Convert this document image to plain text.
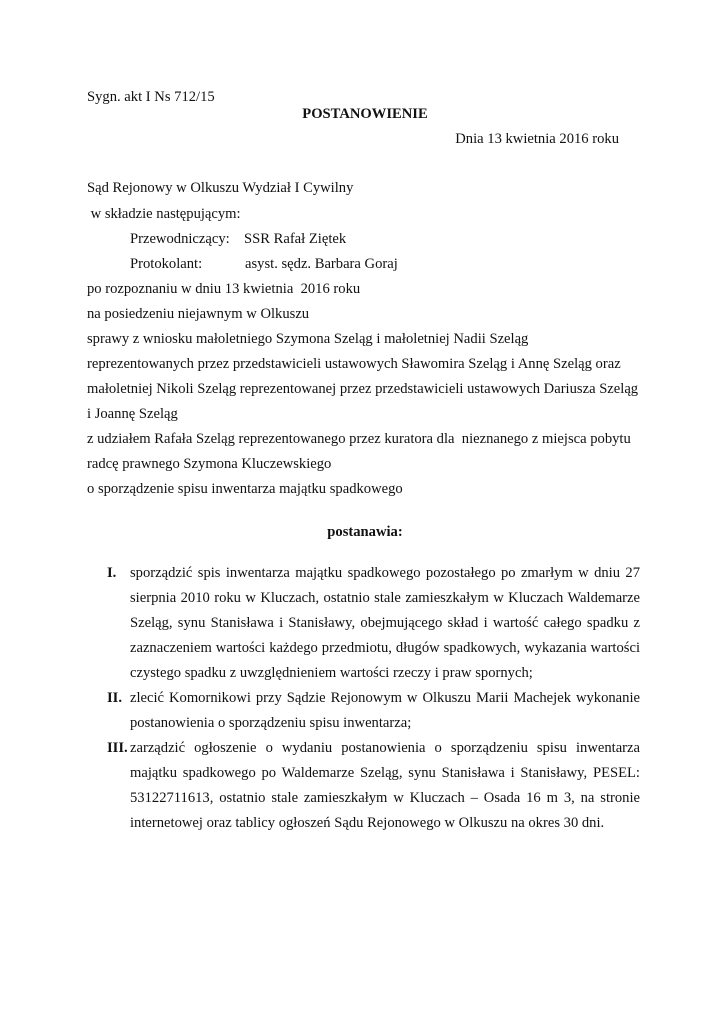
Sygn. akt I Ns 712/15
POSTANOWIENIE
Dnia 13 kwietnia 2016 roku
Sąd Rejonowy w Olkuszu Wydział I Cywilny
w składzie następującym:
Przewodniczący: SSR Rafał Ziętek
Protokolant:	asyst. sędz. Barbara Goraj
po rozpoznaniu w dniu 13 kwietnia  2016 roku
na posiedzeniu niejawnym w Olkuszu
sprawy z wniosku małoletniego Szymona Szeląg i małoletniej Nadii Szeląg
reprezentowanych przez przedstawicieli ustawowych Sławomira Szeląg i Annę Szeląg oraz
małoletniej Nikoli Szeląg reprezentowanej przez przedstawicieli ustawowych Dariusza Szeląg
i Joannę Szeląg
z udziałem Rafała Szeląg reprezentowanego przez kuratora dla  nieznanego z miejsca pobytu
radcę prawnego Szymona Kluczewskiego
o sporządzenie spisu inwentarza majątku spadkowego
postanawia:
I. sporządzić spis inwentarza majątku spadkowego pozostałego po zmarłym w dniu 27
sierpnia 2010 roku w Kluczach, ostatnio stale zamieszkałym w Kluczach Waldemarze
Szeląg, synu Stanisława i Stanisławy, obejmującego skład i wartość całego spadku z
zaznaczeniem wartości każdego przedmiotu, długów spadkowych, wykazania wartości
czystego spadku z uwzględnieniem wartości rzeczy i praw spornych;
II. zlecić Komornikowi przy Sądzie Rejonowym w Olkuszu Marii Machejek wykonanie
postanowienia o sporządzeniu spisu inwentarza;
III. zarządzić ogłoszenie o wydaniu postanowienia o sporządzeniu spisu inwentarza
majątku spadkowego po Waldemarze Szeląg, synu Stanisława i Stanisławy, PESEL:
53122711613, ostatnio stale zamieszkałym w Kluczach – Osada 16 m 3, na stronie
internetowej oraz tablicy ogłoszeń Sądu Rejonowego w Olkuszu na okres 30 dni.
